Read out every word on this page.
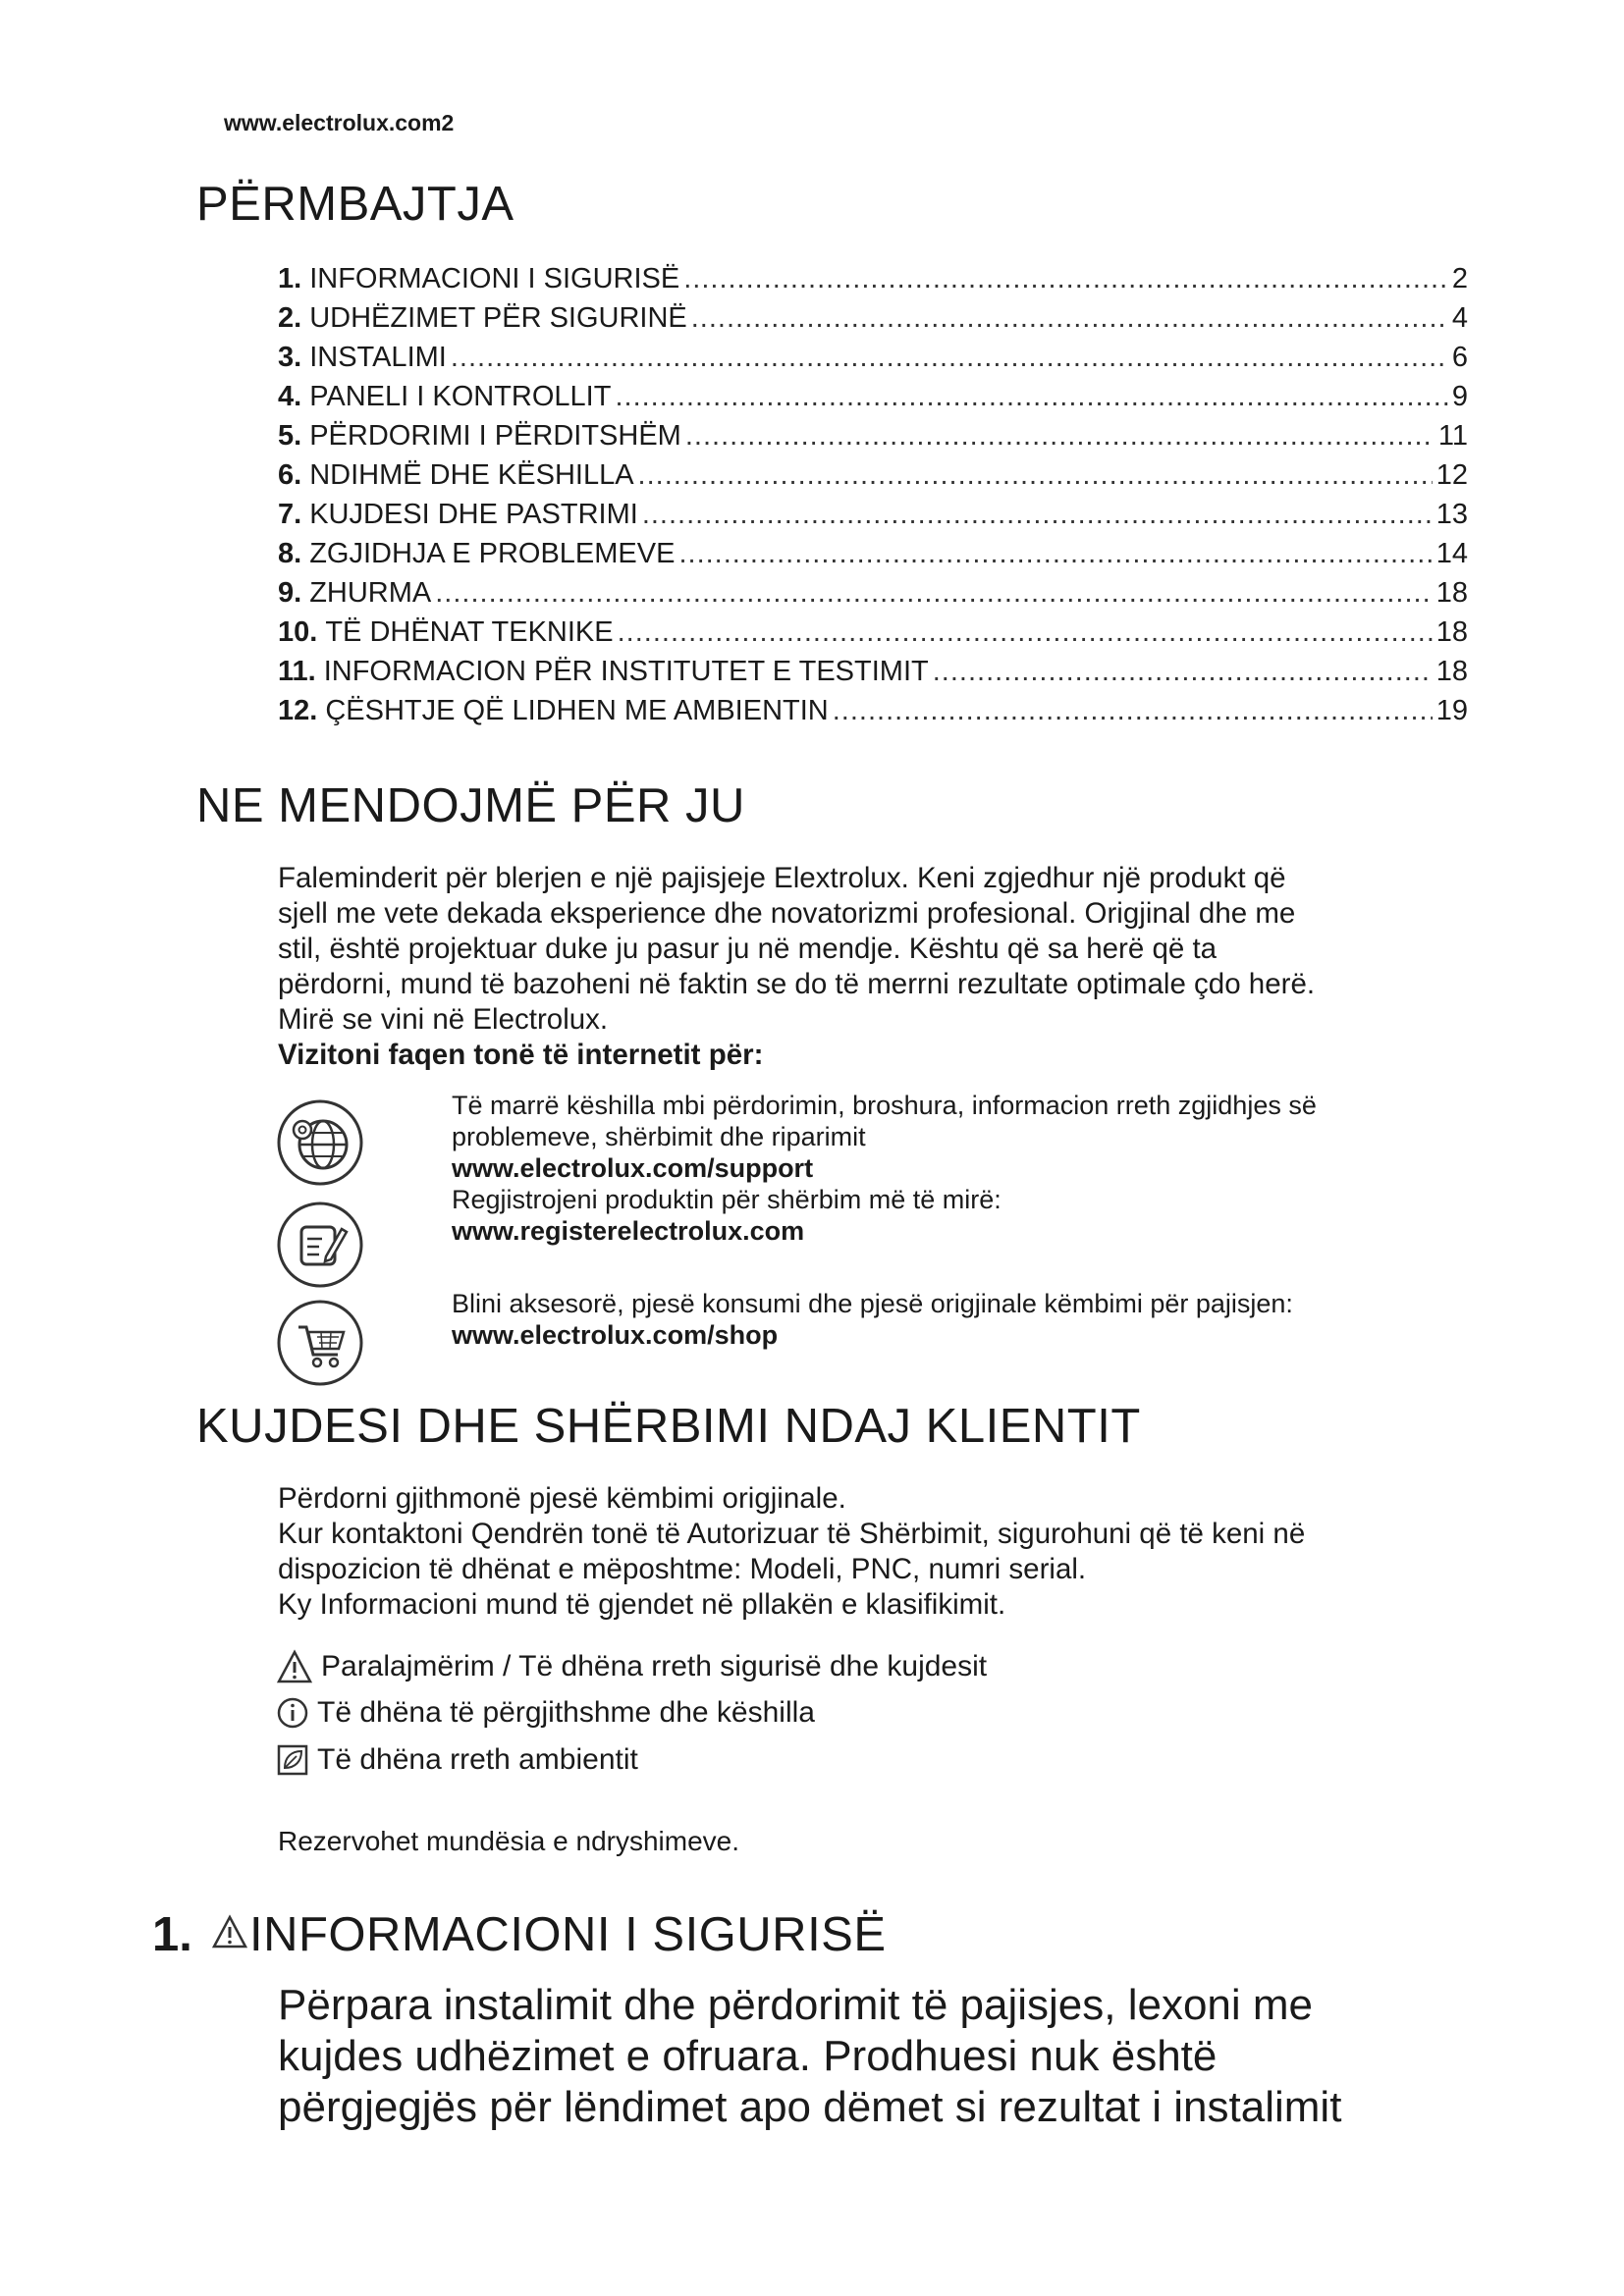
www.electrolux.com2
PËRMBAJTJA
1. INFORMACIONI I SIGURISË .....	2
2. UDHËZIMET PËR SIGURINË .....	4
3. INSTALIMI .....	6
4. PANELI I KONTROLLIT .....	9
5. PËRDORIMI I PËRDITSHËM .....	11
6. NDIHMË DHE KËSHILLA .....	12
7. KUJDESI DHE PASTRIMI .....	13
8. ZGJIDHJA E PROBLEMEVE .....	14
9. ZHURMA .....	18
10. TË DHËNAT TEKNIKE .....	18
11. INFORMACION PËR INSTITUTET E TESTIMIT .....	18
12. ÇËSHTJE QË LIDHEN ME AMBIENTIN .....	19
NE MENDOJMË PËR JU
Faleminderit për blerjen e një pajisjeje Elextrolux. Keni zgjedhur një produkt që
sjell me vete dekada eksperience dhe novatorizmi profesional. Origjinal dhe me
stil, është projektuar duke ju pasur ju në mendje. Kështu që sa herë që ta
përdorni, mund të bazoheni në faktin se do të merrni rezultate optimale çdo herë.
Mirë se vini në Electrolux.
Vizitoni faqen tonë të internetit për:
Të marrë këshilla mbi përdorimin, broshura, informacion rreth zgjidhjes së
problemeve, shërbimit dhe riparimit
www.electrolux.com/support
Regjistrojeni produktin për shërbim më të mirë:
www.registerelectrolux.com
Blini aksesorë, pjesë konsumi dhe pjesë origjinale këmbimi për pajisjen:
www.electrolux.com/shop
KUJDESI DHE SHËRBIMI NDAJ KLIENTIT
Përdorni gjithmonë pjesë këmbimi origjinale.
Kur kontaktoni Qendrën tonë të Autorizuar të Shërbimit, sigurohuni që të keni në
dispozicion të dhënat e mëposhtme: Modeli, PNC, numri serial.
Ky Informacioni mund të gjendet në pllakën e klasifikimit.
Paralajmërim / Të dhëna rreth sigurisë dhe kujdesit
Të dhëna të përgjithshme dhe këshilla
Të dhëna rreth ambientit
Rezervohet mundësia e ndryshimeve.
1. INFORMACIONI I SIGURISË
Përpara instalimit dhe përdorimit të pajisjes, lexoni me
kujdes udhëzimet e ofruara. Prodhuesi nuk është
përgjegjës për lëndimet apo dëmet si rezultat i instalimit
